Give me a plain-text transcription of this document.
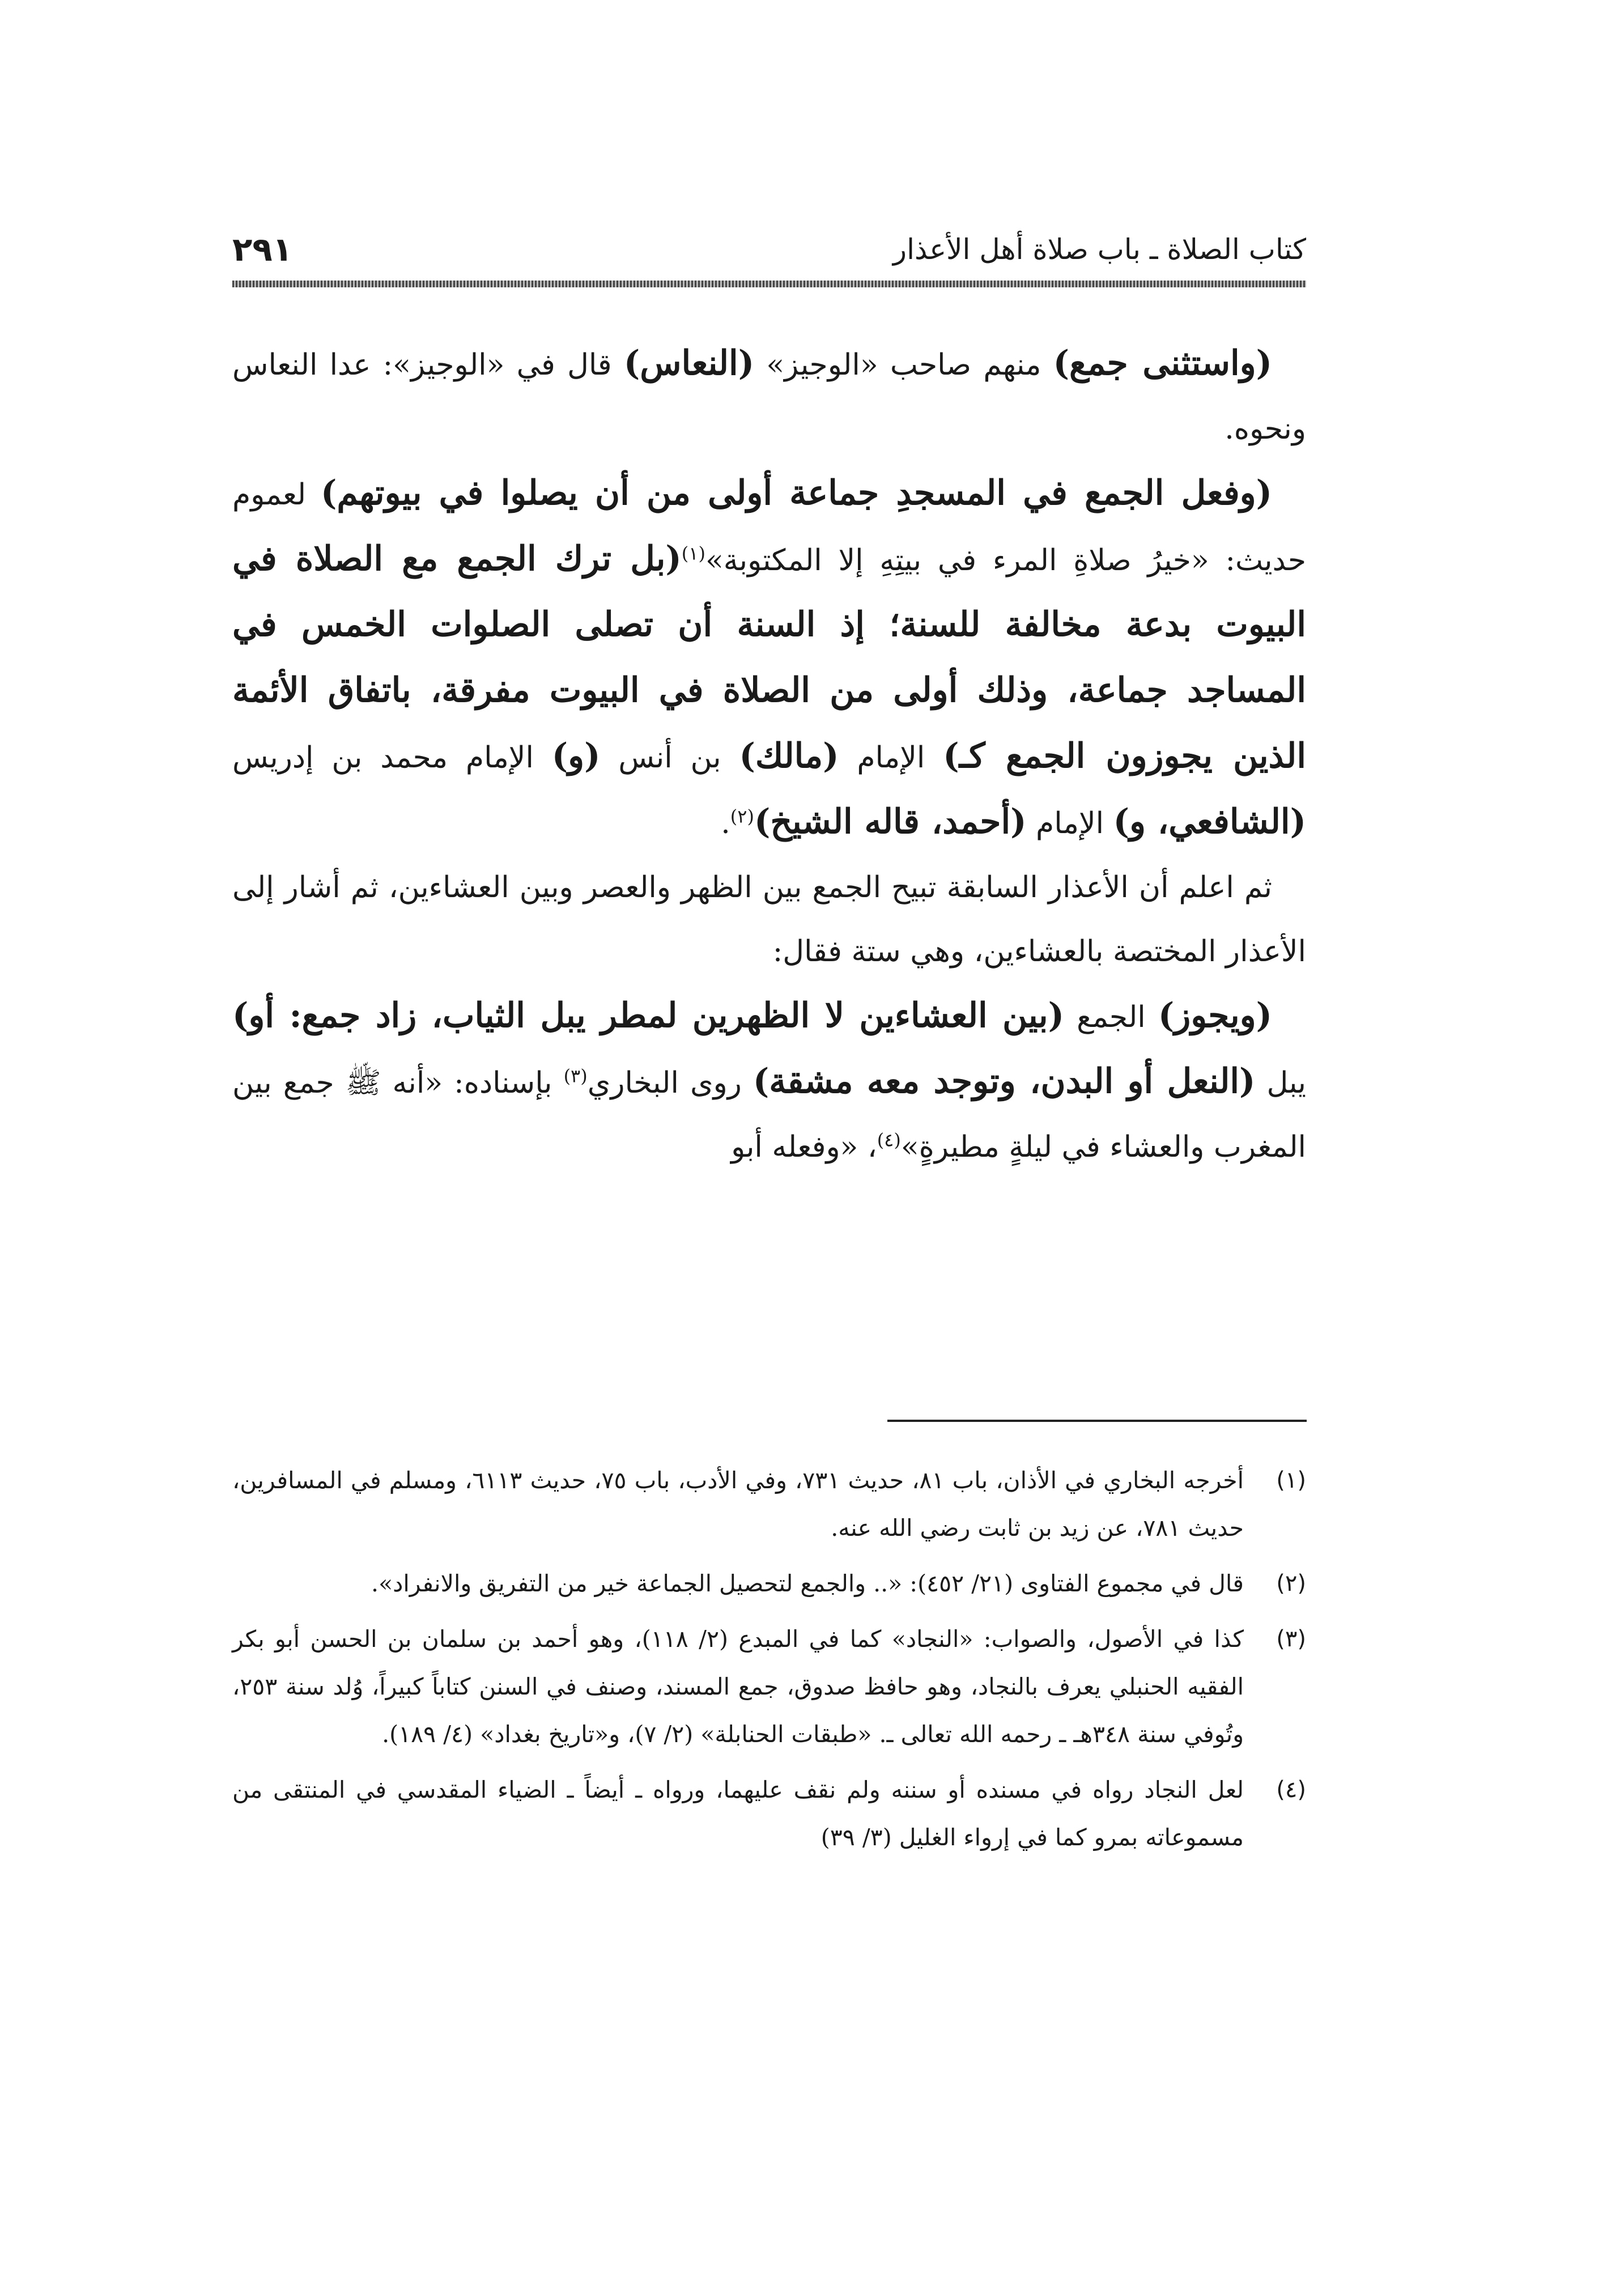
كتاب الصلاة ـ باب صلاة أهل الأعذار
٢٩١

(واستثنى جمع) منهم صاحب «الوجيز» (النعاس) قال في «الوجيز»: عدا النعاس ونحوه.

(وفعل الجمع في المسجدِ جماعة أولى من أن يصلوا في بيوتهم) لعموم حديث: «خيرُ صلاةِ المرء في بيتِهِ إلا المكتوبة»$^{(١)}$(بل ترك الجمع مع الصلاة في البيوت بدعة مخالفة للسنة؛ إذ السنة أن تصلى الصلوات الخمس في المساجد جماعة، وذلك أولى من الصلاة في البيوت مفرقة، باتفاق الأئمة الذين يجوزون الجمع كـ) الإمام (مالك) بن أنس (و) الإمام محمد بن إدريس (الشافعي، و) الإمام (أحمد، قاله الشيخ)$^{(٢)}$.

ثم اعلم أن الأعذار السابقة تبيح الجمع بين الظهر والعصر وبين العشاءين، ثم أشار إلى الأعذار المختصة بالعشاءين، وهي ستة فقال:

(ويجوز) الجمع (بين العشاءين لا الظهرين لمطر يبل الثياب، زاد جمع: أو) يبل (النعل أو البدن، وتوجد معه مشقة) روى البخاري$^{(٣)}$ بإسناده: «أنه ﷺ جمع بين المغرب والعشاء في ليلةٍ مطيرةٍ»$^{(٤)}$، «وفعله أبو

(١)
أخرجه البخاري في الأذان، باب ٨١، حديث ٧٣١، وفي الأدب، باب ٧٥، حديث ٦١١٣، ومسلم في المسافرين، حديث ٧٨١، عن زيد بن ثابت رضي الله عنه.
(٢)
قال في مجموع الفتاوى (٢١/ ٤٥٢): «.. والجمع لتحصيل الجماعة خير من التفريق والانفراد».
(٣)
كذا في الأصول، والصواب: «النجاد» كما في المبدع (٢/ ١١٨)، وهو أحمد بن سلمان بن الحسن أبو بكر الفقيه الحنبلي يعرف بالنجاد، وهو حافظ صدوق، جمع المسند، وصنف في السنن كتاباً كبيراً، وُلد سنة ٢٥٣، وتُوفي سنة ٣٤٨هـ ـ رحمه الله تعالى ـ. «طبقات الحنابلة» (٢/ ٧)، و«تاريخ بغداد» (٤/ ١٨٩).
(٤)
لعل النجاد رواه في مسنده أو سننه ولم نقف عليهما، ورواه ـ أيضاً ـ الضياء المقدسي في المنتقى من مسموعاته بمرو كما في إرواء الغليل (٣/ ٣٩)
